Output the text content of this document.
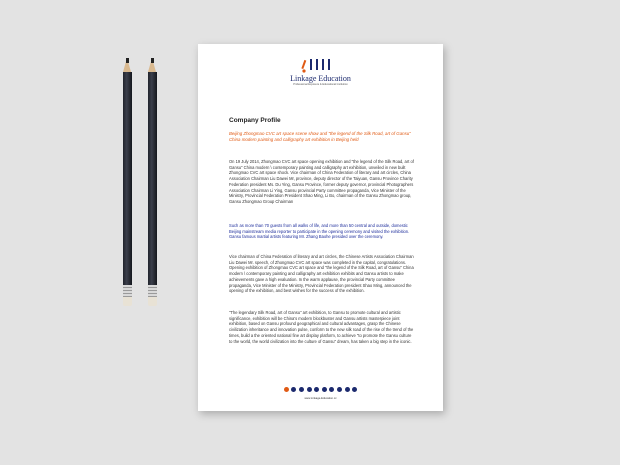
Linkage Education
Professional Exposure & Educational Institution
Company Profile
Beijing Zhongmao CVC art space scene show and "the legend of the Silk Road, art of Gansu" China modern painting and calligraphy art exhibition in Beijing held

On 19 July 2014, Zhongmao CVC art space opening exhibition and "the legend of the Silk Road, art of Gansu" China modern \ contemporary painting and calligraphy art exhibition, unveiled in new built Zhongmao CVC art space shock. Vice chairman of China Federation of literary and art circles, China Association Chairman Liu Dawei Mr, province, deputy director of the Taiyuan, Gansu Province Charity Federation president Ms. Du Ying, Gansu Province, former deputy governor, provincial Photographers Association Chairman Li Ying, Gansu provincial Party committee propaganda, Vice Minister of the Ministry, Provincial Federation President Shao Ming, Li Bo, chairman of the Gansu Zhongmao group, Gansu Zhongmao Group Chairman

Such as more than 70 guests from all walks of life, and more than 50 central and outside, domestic Beijing mainstream media reporter to participate in the opening ceremony and visited the exhibition. Gansu famous martial artists featuring Mr. Zhang Baohe presided over the ceremony.

Vice chairman of China Federation of literary and art circles, the Chinese Artists Association Chairman Liu Dawei Mr. speech, of Zhongmao CVC art space was completed in the capital, congratulations. Opening exhibition of Zhongmao CVC art space and "the legend of the Silk Road, art of Gansu" China modern \ contemporary painting and calligraphy art exhibition exhibits and Gansu artists to make achievements gave a high evaluation. In the warm applause, the provincial Party committee propaganda, Vice Minister of the Ministry, Provincial Federation president Shao Ming, announced the opening of the exhibition, and best wishes for the success of the exhibition.

"The legendary Silk Road, art of Gansu" art exhibition, to Gansu to promote cultural and artistic significance, exhibition will be China's modern blockbuster and Gansu artists masterpiece joint exhibition, based on Gansu profound geographical and cultural advantages, grasp the Chinese civilization inheritance and innovation pulse, conform to the new silk road of the rise of the trend of the times, build a the oriented national fine art display platform, to achieve "to promote the Gansu culture to the world, the world civilization into the culture of Gansu" dream, has taken a big step in the iconic.

www.Linkage-Education.cc
